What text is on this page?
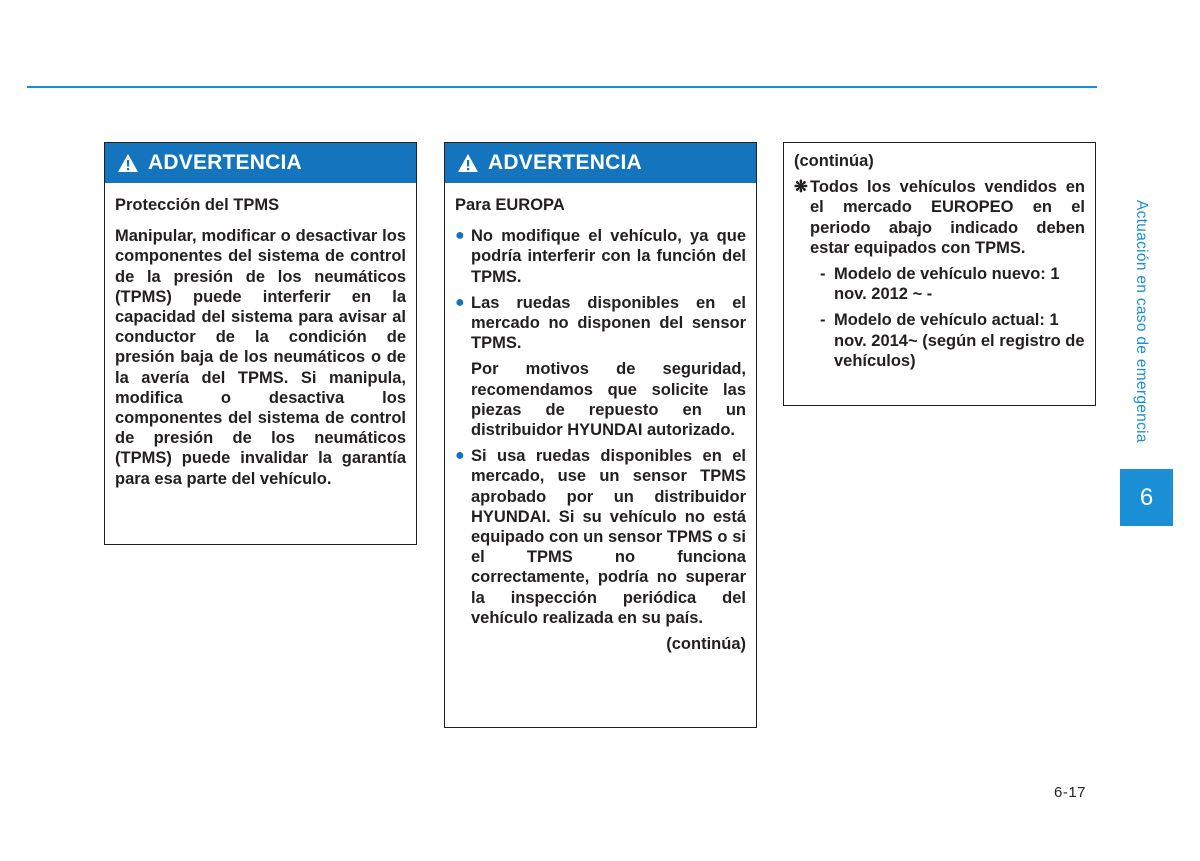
ADVERTENCIA

Protección del TPMS

Manipular, modificar o desactivar los componentes del sistema de control de la presión de los neumáticos (TPMS) puede interferir en la capacidad del sistema para avisar al conductor de la condición de presión baja de los neumáticos o de la avería del TPMS. Si manipula, modifica o desactiva los componentes del sistema de control de presión de los neumáticos (TPMS) puede invalidar la garantía para esa parte del vehículo.

ADVERTENCIA

Para EUROPA

● No modifique el vehículo, ya que podría interferir con la función del TPMS.
● Las ruedas disponibles en el mercado no disponen del sensor TPMS.

Por motivos de seguridad, recomendamos que solicite las piezas de repuesto en un distribuidor HYUNDAI autorizado.

● Si usa ruedas disponibles en el mercado, use un sensor TPMS aprobado por un distribuidor HYUNDAI. Si su vehículo no está equipado con un sensor TPMS o si el TPMS no funciona correctamente, podría no superar la inspección periódica del vehículo realizada en su país.

(continúa)

(continúa)

❋ Todos los vehículos vendidos en el mercado EUROPEO en el periodo abajo indicado deben estar equipados con TPMS.
- Modelo de vehículo nuevo: 1 nov. 2012 ~ -
- Modelo de vehículo actual: 1 nov. 2014~ (según el registro de vehículos)	Actuación en caso de emergencia
6
6-17
